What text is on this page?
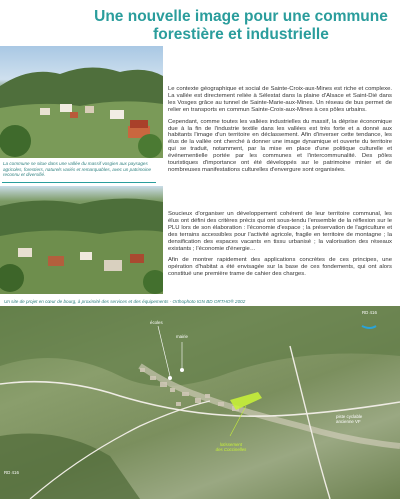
Une nouvelle image pour une commune
forestière et industrielle
La commune se situe dans une vallée du massif vosgien aux paysages agricoles, forestiers, naturels variés et remarquables, avec un patrimoine reconnu et diversifié.

Le contexte géographique et social de Sainte-Croix-aux-Mines est riche et complexe. La vallée est directement reliée à Sélestat dans la plaine d'Alsace et Saint-Dié dans les Vosges grâce au tunnel de Sainte-Marie-aux-Mines. Un réseau de bus permet de relier en transports en commun Sainte-Croix-aux-Mines à ces pôles urbains.

Cependant, comme toutes les vallées industrielles du massif, la déprise économique due à la fin de l'industrie textile dans les vallées est très forte et a donné aux habitants l'image d'un territoire en déclassement. Afin d'inverser cette tendance, les élus de la vallée ont cherché à donner une image dynamique et ouverte du territoire qui se traduit, notamment, par la mise en place d'une politique culturelle et événementielle portée par les communes et l'intercommunalité. Des pôles touristiques d'importance ont été développés sur le patrimoine minier et de nombreuses manifestations culturelles d'envergure sont organisées.

Soucieux d'organiser un développement cohérent de leur territoire communal, les élus ont défini des critères précis qui ont sous-tendu l'ensemble de la réflexion sur le PLU lors de son élaboration : l'économie d'espace ; la préservation de l'agriculture et des terrains accessibles pour l'activité agricole, fragile en territoire de montagne ; la densification des espaces vacants en tissu urbanisé ; la valorisation des réseaux existants ; l'économie d'énergie…

Afin de montrer rapidement des applications concrètes de ces principes, une opération d'habitat a été envisagée sur la base de ces fondements, qui ont alors constitué une première trame de cahier des charges.

Un site de projet en cœur de bourg, à proximité des services et des équipements - Orthophoto IGN BD ORTHO® 2002
RD 416
RD 416
mairie
écoles
piste cyclable
ancienne VF
lotissement
des Coccinelles
